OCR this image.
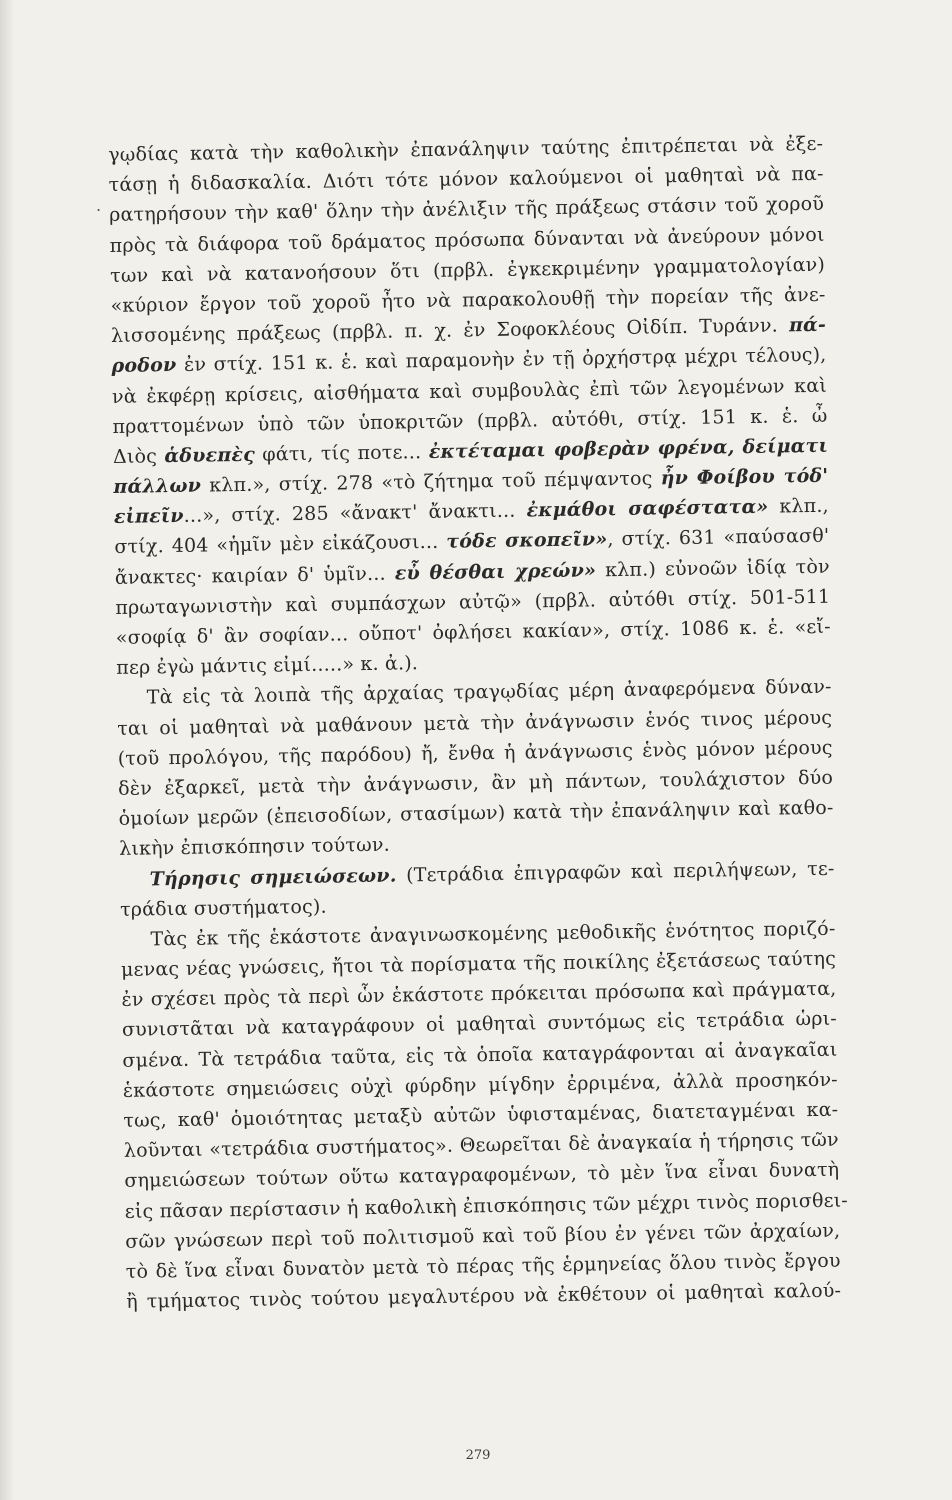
.
γῳδίας κατὰ τὴν καθολικὴν ἐπανάληψιν ταύτης ἐπιτρέπεται νὰ ἐξε-
τάσῃ ἡ διδασκαλία. Διότι τότε μόνον καλούμενοι οἱ μαθηταὶ νὰ πα-
ρατηρήσουν τὴν καθ' ὅλην τὴν ἀνέλιξιν τῆς πράξεως στάσιν τοῦ χοροῦ
πρὸς τὰ διάφορα τοῦ δράματος πρόσωπα δύνανται νὰ ἀνεύρουν μόνοι
των καὶ νὰ κατανοήσουν ὅτι (πρβλ. ἐγκεκριμένην γραμματολογίαν)
«κύριον ἔργον τοῦ χοροῦ ἦτο νὰ παρακολουθῇ τὴν πορείαν τῆς ἀνε-
λισσομένης πράξεως (πρβλ. π. χ. ἐν Σοφοκλέους Οἰδίπ. Τυράνν. πά-
ροδον ἐν στίχ. 151 κ. ἑ. καὶ παραμονὴν ἐν τῇ ὀρχήστρᾳ μέχρι τέλους),
νὰ ἐκφέρῃ κρίσεις, αἰσθήματα καὶ συμβουλὰς ἐπὶ τῶν λεγομένων καὶ
πραττομένων ὑπὸ τῶν ὑποκριτῶν (πρβλ. αὐτόθι, στίχ. 151 κ. ἑ. ὦ
Διὸς ἁδυεπὲς φάτι, τίς ποτε... ἐκτέταμαι φοβερὰν φρένα, δείματι
πάλλων κλπ.», στίχ. 278 «τὸ ζήτημα τοῦ πέμψαντος ἦν Φοίβου τόδ'
εἰπεῖν...», στίχ. 285 «ἄνακτ' ἄνακτι... ἐκμάθοι σαφέστατα» κλπ.,
στίχ. 404 «ἡμῖν μὲν εἰκάζουσι... τόδε σκοπεῖν», στίχ. 631 «παύσασθ'
ἄνακτες· καιρίαν δ' ὑμῖν... εὖ θέσθαι χρεών» κλπ.) εὐνοῶν ἰδίᾳ τὸν
πρωταγωνιστὴν καὶ συμπάσχων αὐτῷ» (πρβλ. αὐτόθι στίχ. 501-511
«σοφίᾳ δ' ἂν σοφίαν... οὔποτ' ὀφλήσει κακίαν», στίχ. 1086 κ. ἑ. «εἴ-
περ ἐγὼ μάντις εἰμί.....» κ. ἀ.).
Τὰ εἰς τὰ λοιπὰ τῆς ἀρχαίας τραγῳδίας μέρη ἀναφερόμενα δύναν-
ται οἱ μαθηταὶ νὰ μαθάνουν μετὰ τὴν ἀνάγνωσιν ἑνός τινος μέρους
(τοῦ προλόγου, τῆς παρόδου) ἤ, ἔνθα ἡ ἀνάγνωσις ἑνὸς μόνον μέρους
δὲν ἐξαρκεῖ, μετὰ τὴν ἀνάγνωσιν, ἂν μὴ πάντων, τουλάχιστον δύο
ὁμοίων μερῶν (ἐπεισοδίων, στασίμων) κατὰ τὴν ἐπανάληψιν καὶ καθο-
λικὴν ἐπισκόπησιν τούτων.
Τήρησις σημειώσεων. (Τετράδια ἐπιγραφῶν καὶ περιλήψεων, τε-
τράδια συστήματος).
Τὰς ἐκ τῆς ἑκάστοτε ἀναγινωσκομένης μεθοδικῆς ἑνότητος ποριζό-
μενας νέας γνώσεις, ἤτοι τὰ πορίσματα τῆς ποικίλης ἐξετάσεως ταύτης
ἐν σχέσει πρὸς τὰ περὶ ὧν ἑκάστοτε πρόκειται πρόσωπα καὶ πράγματα,
συνιστᾶται νὰ καταγράφουν οἱ μαθηταὶ συντόμως εἰς τετράδια ὡρι-
σμένα. Τὰ τετράδια ταῦτα, εἰς τὰ ὁποῖα καταγράφονται αἱ ἀναγκαῖαι
ἑκάστοτε σημειώσεις οὐχὶ φύρδην μίγδην ἐρριμένα, ἀλλὰ προσηκόν-
τως, καθ' ὁμοιότητας μεταξὺ αὐτῶν ὑφισταμένας, διατεταγμέναι κα-
λοῦνται «τετράδια συστήματος». Θεωρεῖται δὲ ἀναγκαία ἡ τήρησις τῶν
σημειώσεων τούτων οὕτω καταγραφομένων, τὸ μὲν ἵνα εἶναι δυνατὴ
εἰς πᾶσαν περίστασιν ἡ καθολικὴ ἐπισκόπησις τῶν μέχρι τινὸς πορισθει-
σῶν γνώσεων περὶ τοῦ πολιτισμοῦ καὶ τοῦ βίου ἐν γένει τῶν ἀρχαίων,
τὸ δὲ ἵνα εἶναι δυνατὸν μετὰ τὸ πέρας τῆς ἑρμηνείας ὅλου τινὸς ἔργου
ἢ τμήματος τινὸς τούτου μεγαλυτέρου νὰ ἐκθέτουν οἱ μαθηταὶ καλού-
279
